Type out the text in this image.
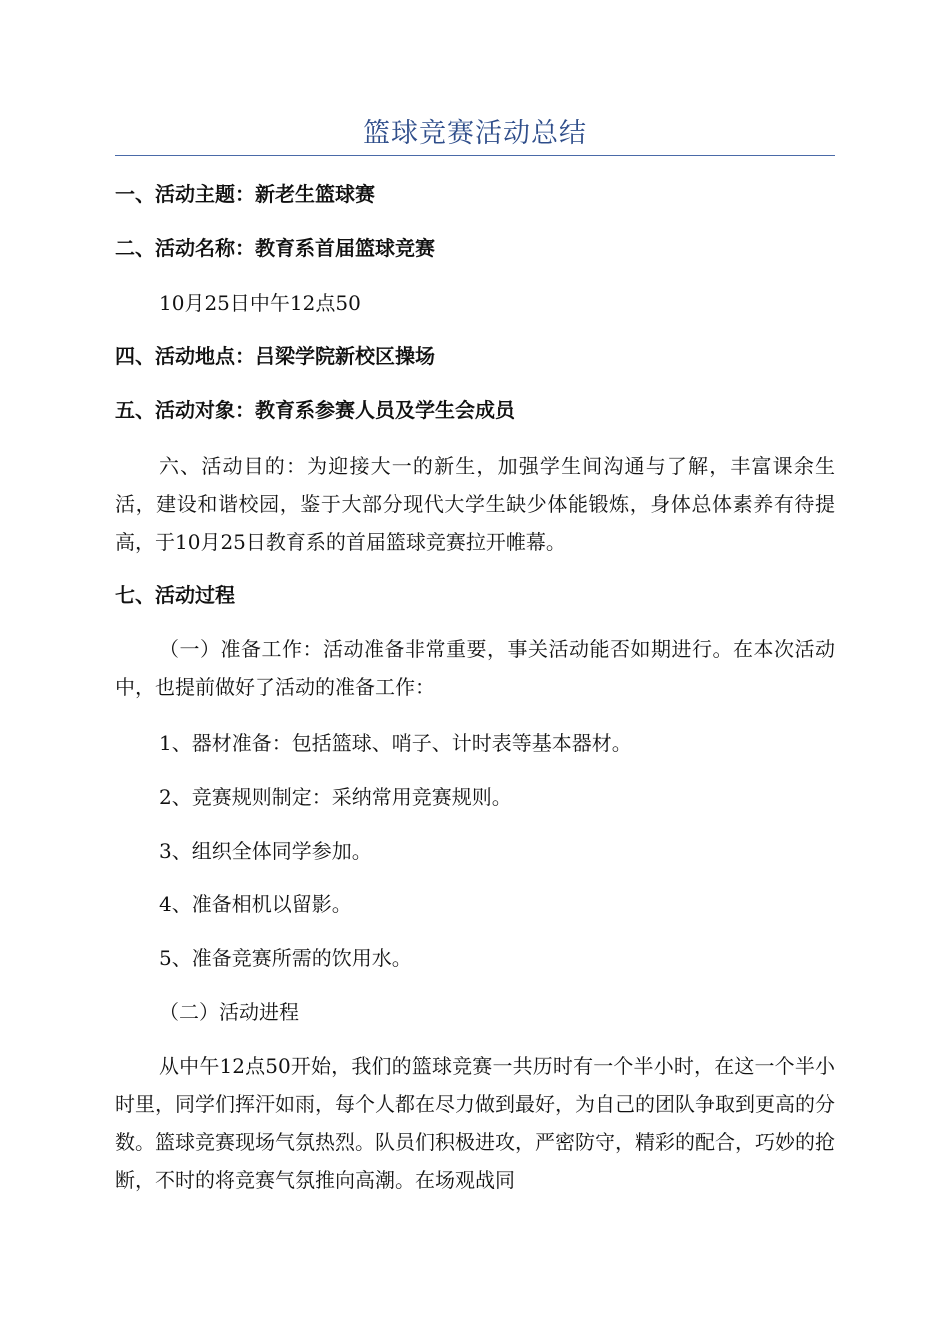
篮球竞赛活动总结
一、活动主题：新老生篮球赛
二、活动名称：教育系首届篮球竞赛
10月25日中午12点50
四、活动地点：吕梁学院新校区操场
五、活动对象：教育系参赛人员及学生会成员
六、活动目的：为迎接大一的新生，加强学生间沟通与了解，丰富课余生活，建设和谐校园，鉴于大部分现代大学生缺少体能锻炼，身体总体素养有待提高，于10月25日教育系的首届篮球竞赛拉开帷幕。
七、活动过程
（一）准备工作：活动准备非常重要，事关活动能否如期进行。在本次活动中，也提前做好了活动的准备工作：
1、器材准备：包括篮球、哨子、计时表等基本器材。
2、竞赛规则制定：采纳常用竞赛规则。
3、组织全体同学参加。
4、准备相机以留影。
5、准备竞赛所需的饮用水。
（二）活动进程
从中午12点50开始，我们的篮球竞赛一共历时有一个半小时，在这一个半小时里，同学们挥汗如雨，每个人都在尽力做到最好，为自己的团队争取到更高的分数。篮球竞赛现场气氛热烈。队员们积极进攻，严密防守，精彩的配合，巧妙的抢断，不时的将竞赛气氛推向高潮。在场观战同
